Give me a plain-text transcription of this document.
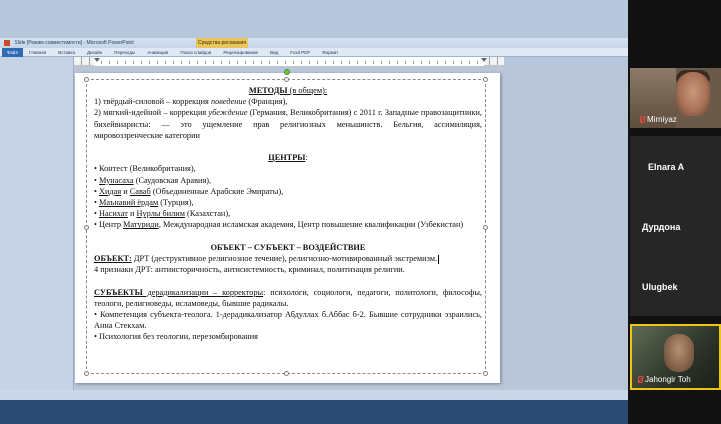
Slide [Режим совместимости] - Microsoft PowerPoint	Средства рисования
Файл	Главная	Вставка	Дизайн	Переходы	Анимация	Показ слайдов	Рецензирование	Вид	Foxit PDF	Формат

МЕТОДЫ (в общем):

1) твёрдый-силовой – коррекция поведение (Франция),

2) мягкий-идейной – коррекция убеждение (Германия, Великобритания) с 2011 г. Западные правозащитники, бихейвиаристы: — это ущемление прав религиозных меньшинств. Бельгия, ассимиляция, мировоззренческие категории

ЦЕНТРЫ:

• Контест (Великобритания),

• Мунасаха (Саудовская Аравия),

• Хидая и Саваб (Объединенные Арабские Эмираты),

• Маънавий ёрдам (Турция),

• Насихат и Нурлы билим (Казахстан),

• Центр Матуриди, Международная исламская академия, Центр повышение квалификации (Узбекистан)

ОБЪЕКТ – СУБЪЕКТ – ВОЗДЕЙСТВИЕ

ОБЪЕКТ: ДРТ (деструктивное религиозное течение), религиозно-мотивированный экстремизм.

4 признаки ДРТ: антиисторичность, антисистемность, криминал, политизация религии.

СУБЪЕКТЫ дерадикализации – корректоры: психологи, социологи, педагоги, политологи, философы, теологи, религиоведы, исламоведы, бывшие радикалы.

• Компетенция субъекта-теолога. 1-дерадикализатор Абдуллах б.Аббас б-2. Бывшие сотрудники эзраились, Анна Стекхам.

• Психология без теологии, перезомбирования

Mirniyaz
Elnara A
Дурдона
Ulugbek
Jahongir Toh
